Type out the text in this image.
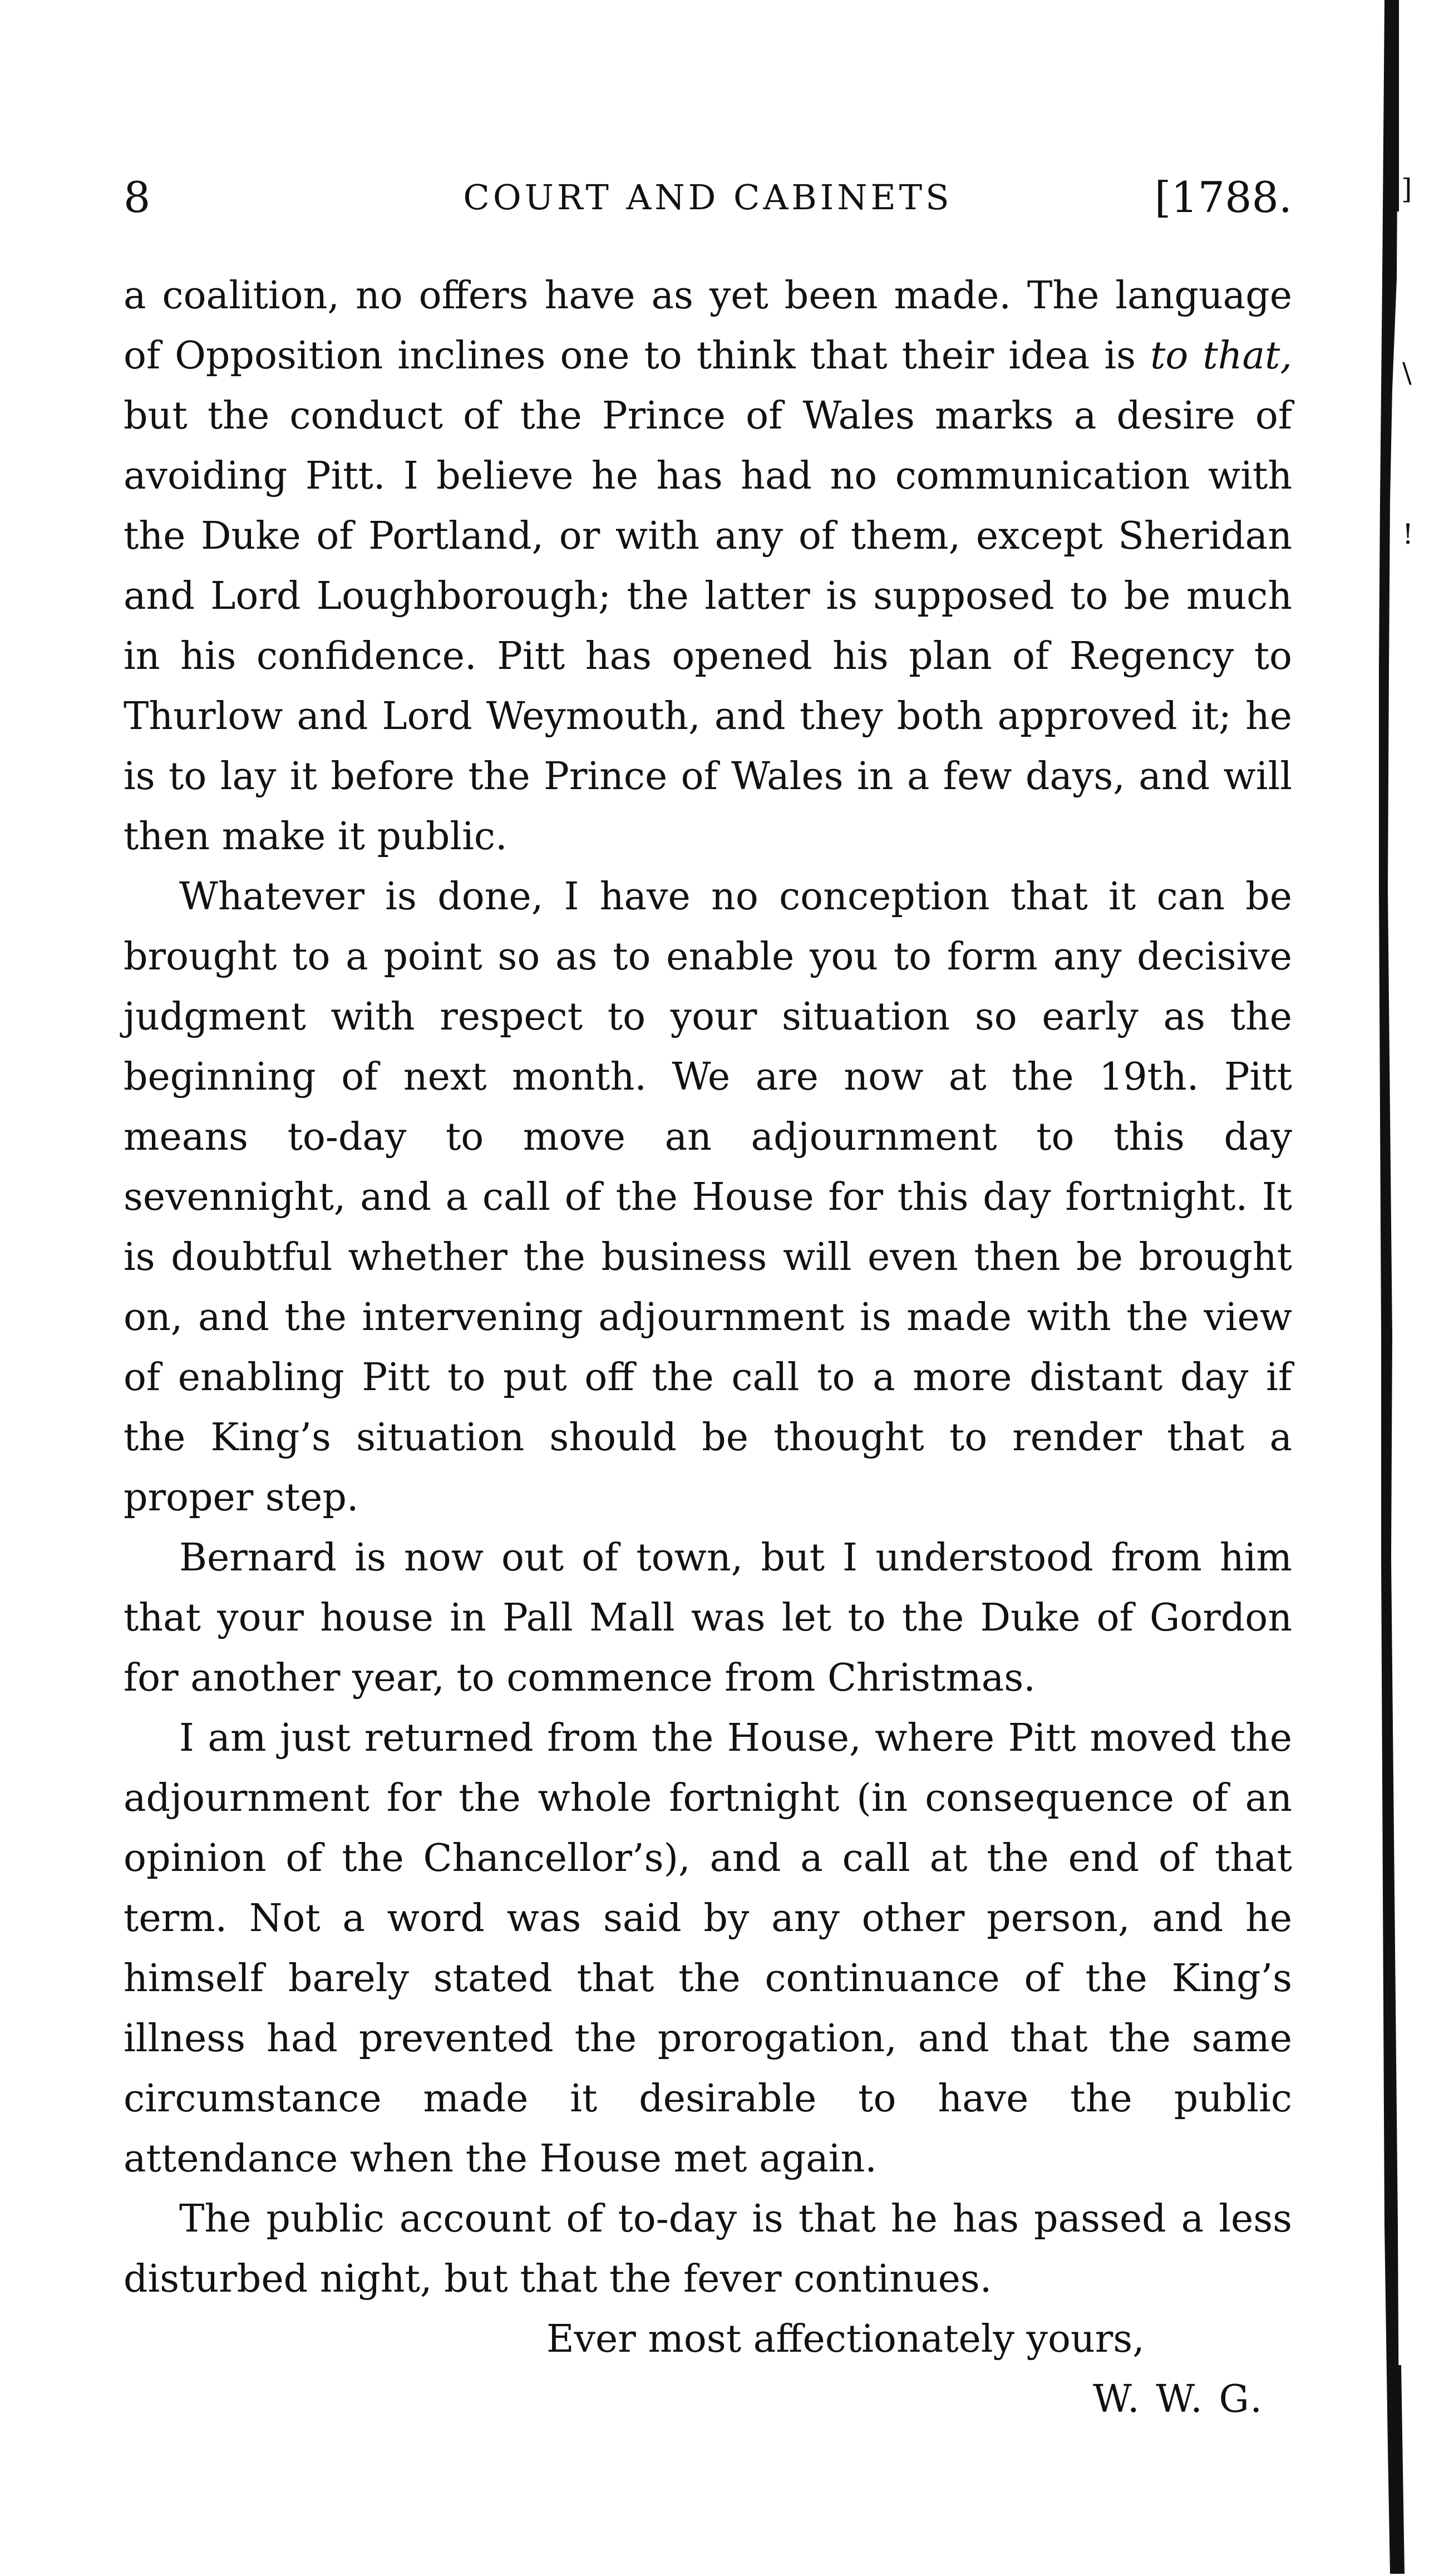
8	COURT AND CABINETS	[1788.

a coalition, no offers have as yet been made. The language of Opposition inclines one to think that their idea is to that, but the conduct of the Prince of Wales marks a desire of avoiding Pitt. I believe he has had no communication with the Duke of Portland, or with any of them, except Sheridan and Lord Loughborough; the latter is supposed to be much in his confidence. Pitt has opened his plan of Regency to Thurlow and Lord Weymouth, and they both approved it; he is to lay it before the Prince of Wales in a few days, and will then make it public.

Whatever is done, I have no conception that it can be brought to a point so as to enable you to form any decisive judgment with respect to your situation so early as the beginning of next month. We are now at the 19th. Pitt means to-day to move an adjournment to this day sevennight, and a call of the House for this day fortnight. It is doubtful whether the business will even then be brought on, and the intervening adjournment is made with the view of enabling Pitt to put off the call to a more distant day if the King’s situation should be thought to render that a proper step.

Bernard is now out of town, but I understood from him that your house in Pall Mall was let to the Duke of Gordon for another year, to commence from Christmas.

I am just returned from the House, where Pitt moved the adjournment for the whole fortnight (in consequence of an opinion of the Chancellor’s), and a call at the end of that term. Not a word was said by any other person, and he himself barely stated that the continuance of the King’s illness had prevented the prorogation, and that the same circumstance made it desirable to have the public attendance when the House met again.

The public account of to-day is that he has passed a less disturbed night, but that the fever continues.

Ever most affectionately yours,

W. W. G.

]
\
!
